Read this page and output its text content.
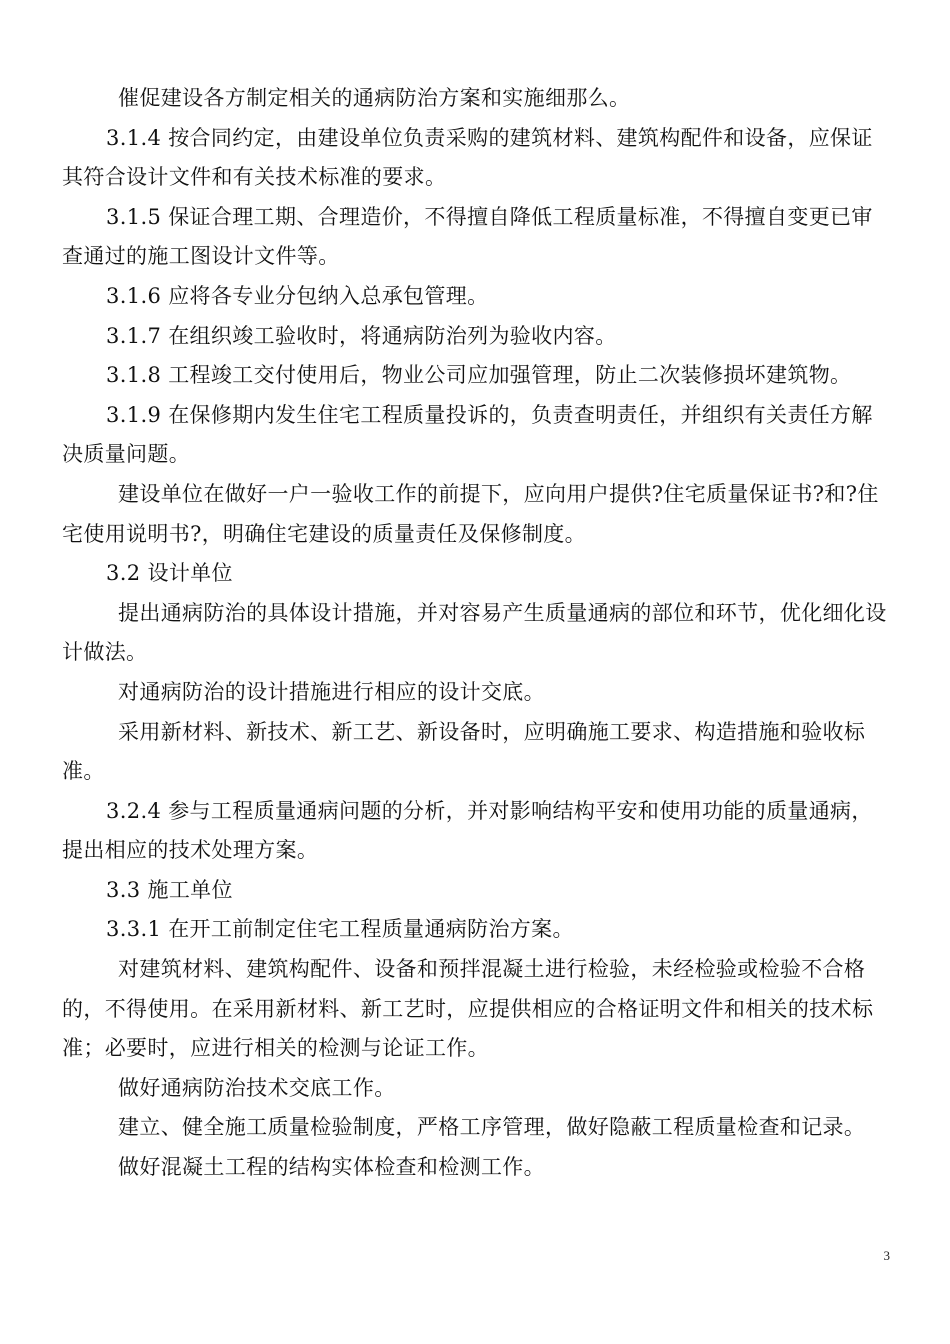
催促建设各方制定相关的通病防治方案和实施细那么。

3.1.4 按合同约定，由建设单位负责采购的建筑材料、建筑构配件和设备，应保证其符合设计文件和有关技术标准的要求。

3.1.5 保证合理工期、合理造价，不得擅自降低工程质量标准，不得擅自变更已审查通过的施工图设计文件等。

3.1.6 应将各专业分包纳入总承包管理。

3.1.7 在组织竣工验收时，将通病防治列为验收内容。

3.1.8 工程竣工交付使用后，物业公司应加强管理，防止二次装修损坏建筑物。

3.1.9 在保修期内发生住宅工程质量投诉的，负责查明责任，并组织有关责任方解决质量问题。

建设单位在做好一户一验收工作的前提下，应向用户提供?住宅质量保证书?和?住宅使用说明书?，明确住宅建设的质量责任及保修制度。

3.2 设计单位

提出通病防治的具体设计措施，并对容易产生质量通病的部位和环节，优化细化设计做法。

对通病防治的设计措施进行相应的设计交底。

采用新材料、新技术、新工艺、新设备时，应明确施工要求、构造措施和验收标准。

3.2.4 参与工程质量通病问题的分析，并对影响结构平安和使用功能的质量通病，提出相应的技术处理方案。

3.3 施工单位

3.3.1 在开工前制定住宅工程质量通病防治方案。

对建筑材料、建筑构配件、设备和预拌混凝土进行检验，未经检验或检验不合格的，不得使用。在采用新材料、新工艺时，应提供相应的合格证明文件和相关的技术标准；必要时，应进行相关的检测与论证工作。

做好通病防治技术交底工作。

建立、健全施工质量检验制度，严格工序管理，做好隐蔽工程质量检查和记录。

做好混凝土工程的结构实体检查和检测工作。

3
